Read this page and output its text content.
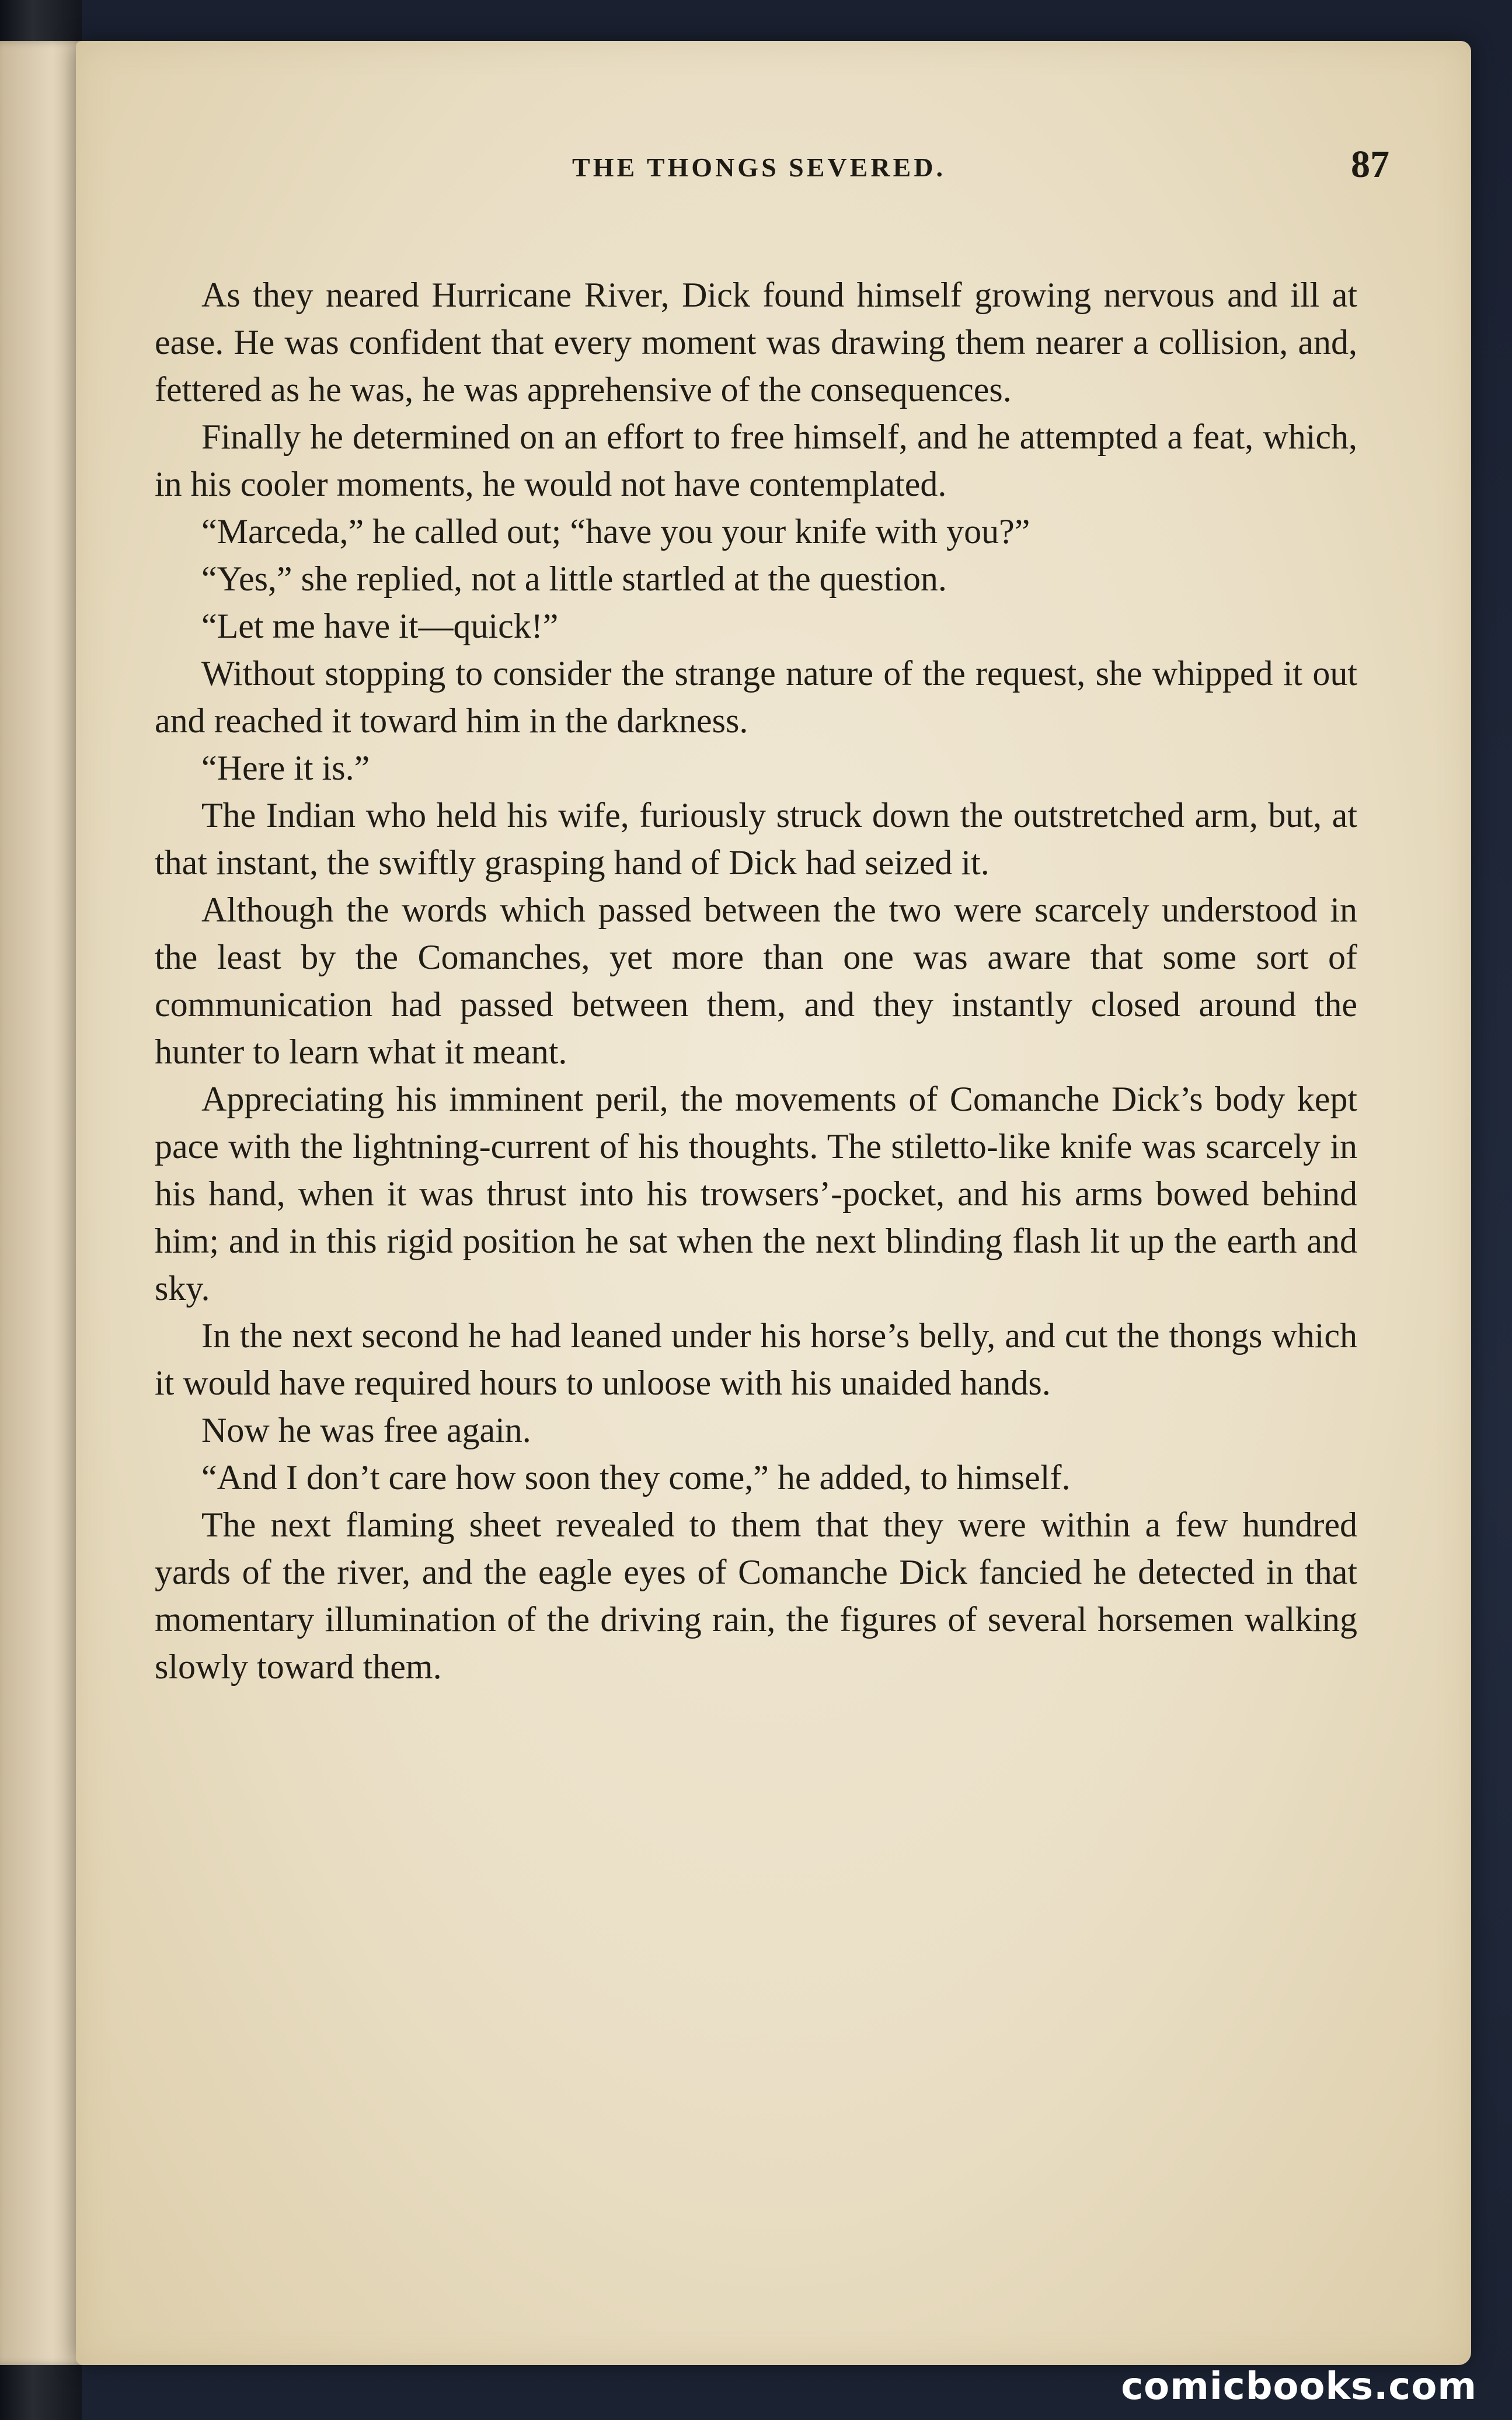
THE THONGS SEVERED.	87

As they neared Hurricane River, Dick found himself growing nervous and ill at ease. He was confident that every moment was drawing them nearer a collision, and, fettered as he was, he was apprehensive of the consequences.

Finally he determined on an effort to free himself, and he attempted a feat, which, in his cooler moments, he would not have contemplated.

“Marceda,” he called out; “have you your knife with you?”

“Yes,” she replied, not a little startled at the question.

“Let me have it—quick!”

Without stopping to consider the strange nature of the request, she whipped it out and reached it toward him in the darkness.

“Here it is.”

The Indian who held his wife, furiously struck down the outstretched arm, but, at that instant, the swiftly grasping hand of Dick had seized it.

Although the words which passed between the two were scarcely understood in the least by the Comanches, yet more than one was aware that some sort of communication had passed between them, and they instantly closed around the hunter to learn what it meant.

Appreciating his imminent peril, the movements of Comanche Dick’s body kept pace with the lightning-current of his thoughts. The stiletto-like knife was scarcely in his hand, when it was thrust into his trowsers’-pocket, and his arms bowed behind him; and in this rigid position he sat when the next blinding flash lit up the earth and sky.

In the next second he had leaned under his horse’s belly, and cut the thongs which it would have required hours to unloose with his unaided hands.

Now he was free again.

“And I don’t care how soon they come,” he added, to himself.

The next flaming sheet revealed to them that they were within a few hundred yards of the river, and the eagle eyes of Comanche Dick fancied he detected in that momentary illumination of the driving rain, the figures of several horsemen walking slowly toward them.

comicbooks.com
